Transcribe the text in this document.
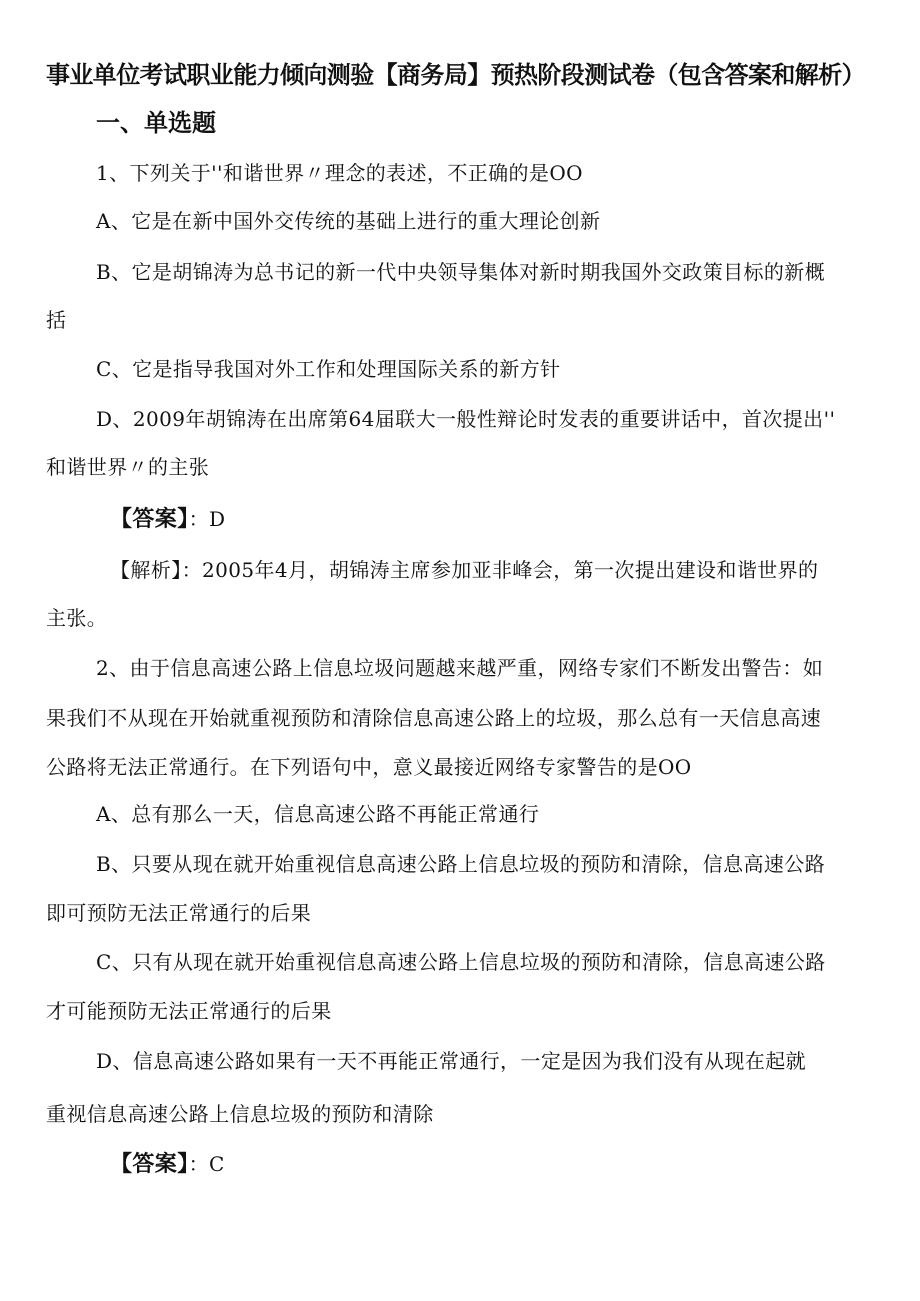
事业单位考试职业能力倾向测验【商务局】预热阶段测试卷（包含答案和解析）
一、单选题
1、下列关于''和谐世界〃理念的表述，不正确的是OO
A、它是在新中国外交传统的基础上进行的重大理论创新
B、它是胡锦涛为总书记的新一代中央领导集体对新时期我国外交政策目标的新概
括
C、它是指导我国对外工作和处理国际关系的新方针
D、2009年胡锦涛在出席第64届联大一般性辩论时发表的重要讲话中，首次提出''
和谐世界〃的主张
【答案】：D
【解析】：2005年4月，胡锦涛主席参加亚非峰会，第一次提出建设和谐世界的
主张。
2、由于信息高速公路上信息垃圾问题越来越严重，网络专家们不断发出警告：如
果我们不从现在开始就重视预防和清除信息高速公路上的垃圾，那么总有一天信息高速
公路将无法正常通行。在下列语句中，意义最接近网络专家警告的是OO
A、总有那么一天，信息高速公路不再能正常通行
B、只要从现在就开始重视信息高速公路上信息垃圾的预防和清除，信息高速公路
即可预防无法正常通行的后果
C、只有从现在就开始重视信息高速公路上信息垃圾的预防和清除，信息高速公路
才可能预防无法正常通行的后果
D、信息高速公路如果有一天不再能正常通行，一定是因为我们没有从现在起就
重视信息高速公路上信息垃圾的预防和清除
【答案】：C
